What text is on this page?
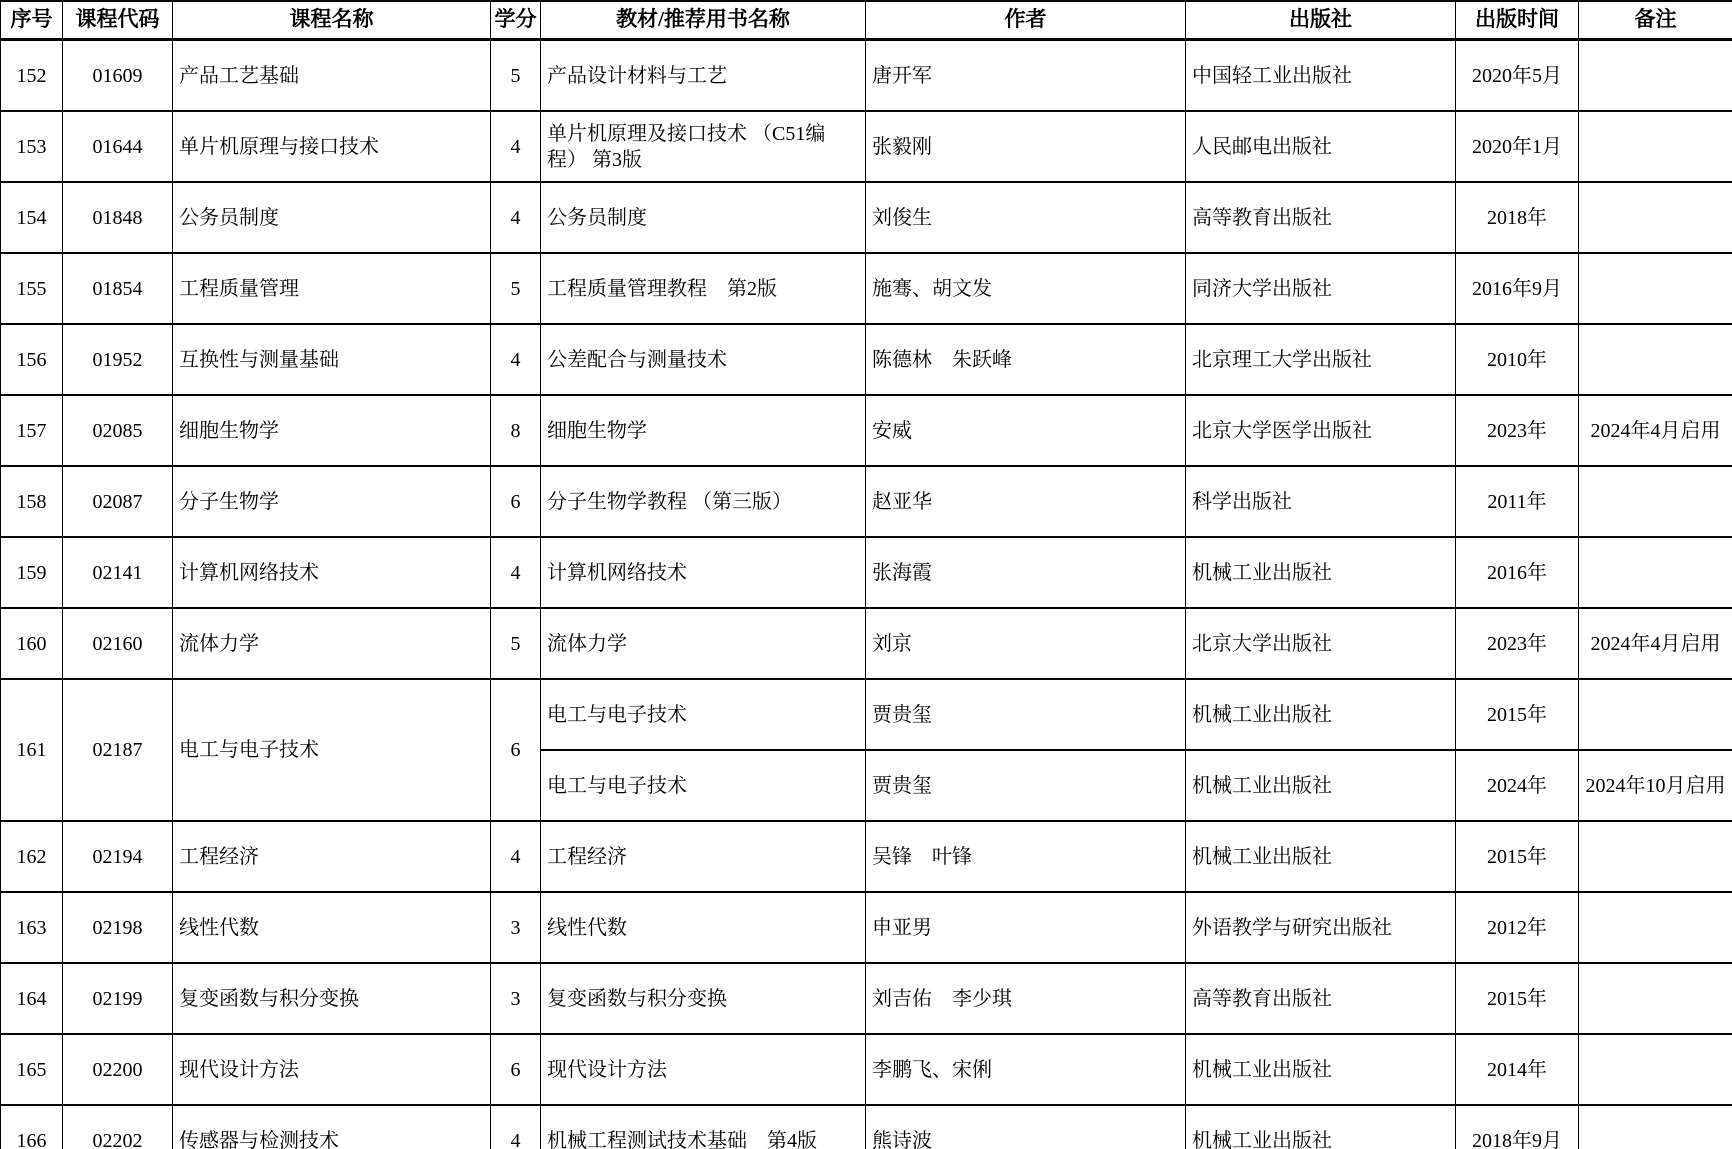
序号	课程代码	课程名称	学分	教材/推荐用书名称	作者	出版社	出版时间	备注
152	01609	产品工艺基础	5	产品设计材料与工艺	唐开军	中国轻工业出版社	2020年5月	
153	01644	单片机原理与接口技术	4	单片机原理及接口技术 （C51编程） 第3版	张毅刚	人民邮电出版社	2020年1月	
154	01848	公务员制度	4	公务员制度	刘俊生	高等教育出版社	2018年	
155	01854	工程质量管理	5	工程质量管理教程　第2版	施骞、胡文发	同济大学出版社	2016年9月	
156	01952	互换性与测量基础	4	公差配合与测量技术	陈德林　朱跃峰	北京理工大学出版社	2010年	
157	02085	细胞生物学	8	细胞生物学	安威	北京大学医学出版社	2023年	2024年4月启用
158	02087	分子生物学	6	分子生物学教程 （第三版）	赵亚华	科学出版社	2011年	
159	02141	计算机网络技术	4	计算机网络技术	张海霞	机械工业出版社	2016年	
160	02160	流体力学	5	流体力学	刘京	北京大学出版社	2023年	2024年4月启用
161	02187	电工与电子技术	6	电工与电子技术	贾贵玺	机械工业出版社	2015年	
				电工与电子技术	贾贵玺	机械工业出版社	2024年	2024年10月启用
162	02194	工程经济	4	工程经济	吴锋　叶锋	机械工业出版社	2015年	
163	02198	线性代数	3	线性代数	申亚男	外语教学与研究出版社	2012年	
164	02199	复变函数与积分变换	3	复变函数与积分变换	刘吉佑　李少琪	高等教育出版社	2015年	
165	02200	现代设计方法	6	现代设计方法	李鹏飞、宋俐	机械工业出版社	2014年	
166	02202	传感器与检测技术	4	机械工程测试技术基础　第4版	熊诗波	机械工业出版社	2018年9月	
